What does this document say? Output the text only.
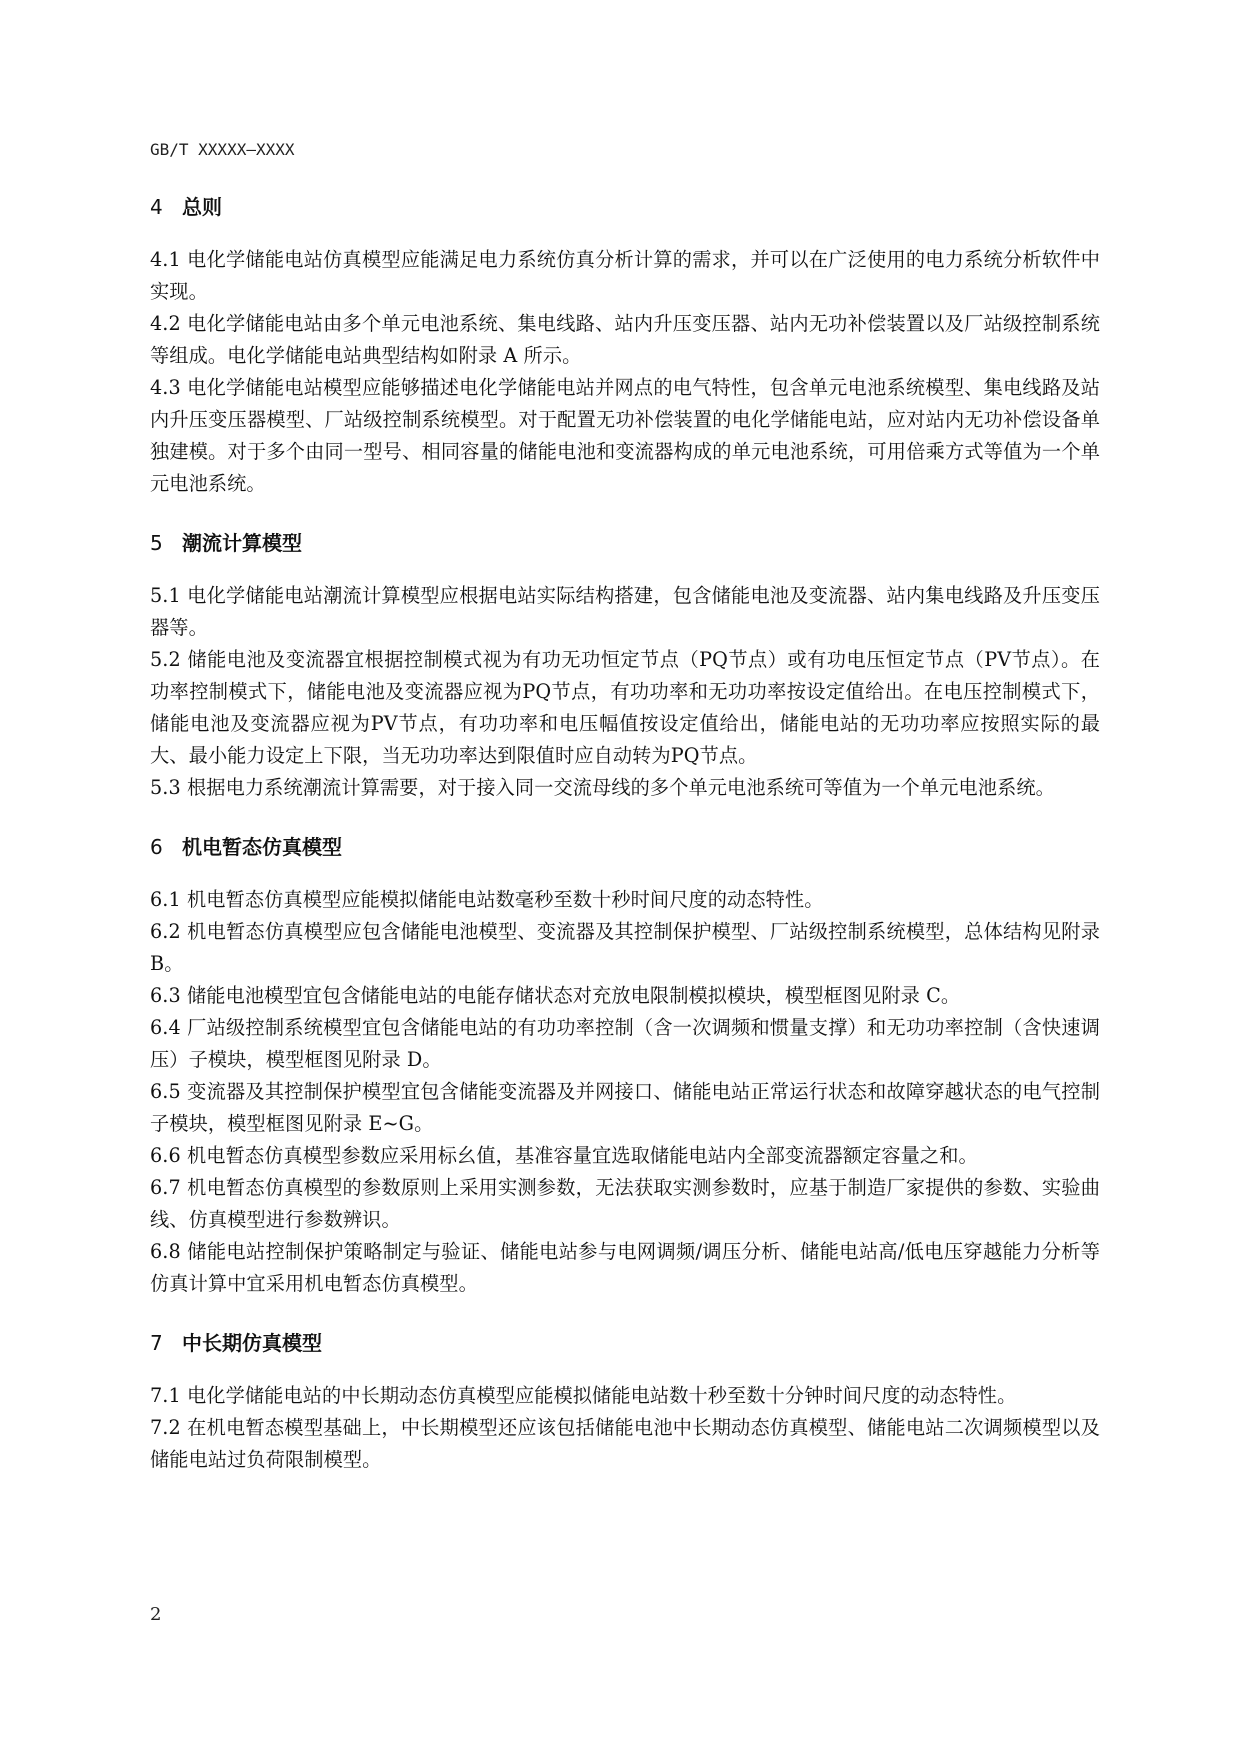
GB/T XXXXX—XXXX
4 总则

4.1 电化学储能电站仿真模型应能满足电力系统仿真分析计算的需求，并可以在广泛使用的电力系统分析软件中实现。

4.2 电化学储能电站由多个单元电池系统、集电线路、站内升压变压器、站内无功补偿装置以及厂站级控制系统等组成。电化学储能电站典型结构如附录 A 所示。

4.3 电化学储能电站模型应能够描述电化学储能电站并网点的电气特性，包含单元电池系统模型、集电线路及站内升压变压器模型、厂站级控制系统模型。对于配置无功补偿装置的电化学储能电站，应对站内无功补偿设备单独建模。对于多个由同一型号、相同容量的储能电池和变流器构成的单元电池系统，可用倍乘方式等值为一个单元电池系统。

5 潮流计算模型

5.1 电化学储能电站潮流计算模型应根据电站实际结构搭建，包含储能电池及变流器、站内集电线路及升压变压器等。

5.2 储能电池及变流器宜根据控制模式视为有功无功恒定节点（PQ节点）或有功电压恒定节点（PV节点）。在功率控制模式下，储能电池及变流器应视为PQ节点，有功功率和无功功率按设定值给出。在电压控制模式下，储能电池及变流器应视为PV节点，有功功率和电压幅值按设定值给出，储能电站的无功功率应按照实际的最大、最小能力设定上下限，当无功功率达到限值时应自动转为PQ节点。

5.3 根据电力系统潮流计算需要，对于接入同一交流母线的多个单元电池系统可等值为一个单元电池系统。

6 机电暂态仿真模型

6.1 机电暂态仿真模型应能模拟储能电站数毫秒至数十秒时间尺度的动态特性。

6.2 机电暂态仿真模型应包含储能电池模型、变流器及其控制保护模型、厂站级控制系统模型，总体结构见附录 B。

6.3 储能电池模型宜包含储能电站的电能存储状态对充放电限制模拟模块，模型框图见附录 C。

6.4 厂站级控制系统模型宜包含储能电站的有功功率控制（含一次调频和惯量支撑）和无功功率控制（含快速调压）子模块，模型框图见附录 D。

6.5 变流器及其控制保护模型宜包含储能变流器及并网接口、储能电站正常运行状态和故障穿越状态的电气控制子模块，模型框图见附录 E~G。

6.6 机电暂态仿真模型参数应采用标幺值，基准容量宜选取储能电站内全部变流器额定容量之和。

6.7 机电暂态仿真模型的参数原则上采用实测参数，无法获取实测参数时，应基于制造厂家提供的参数、实验曲线、仿真模型进行参数辨识。

6.8 储能电站控制保护策略制定与验证、储能电站参与电网调频/调压分析、储能电站高/低电压穿越能力分析等仿真计算中宜采用机电暂态仿真模型。

7 中长期仿真模型

7.1 电化学储能电站的中长期动态仿真模型应能模拟储能电站数十秒至数十分钟时间尺度的动态特性。

7.2 在机电暂态模型基础上，中长期模型还应该包括储能电池中长期动态仿真模型、储能电站二次调频模型以及储能电站过负荷限制模型。

2
